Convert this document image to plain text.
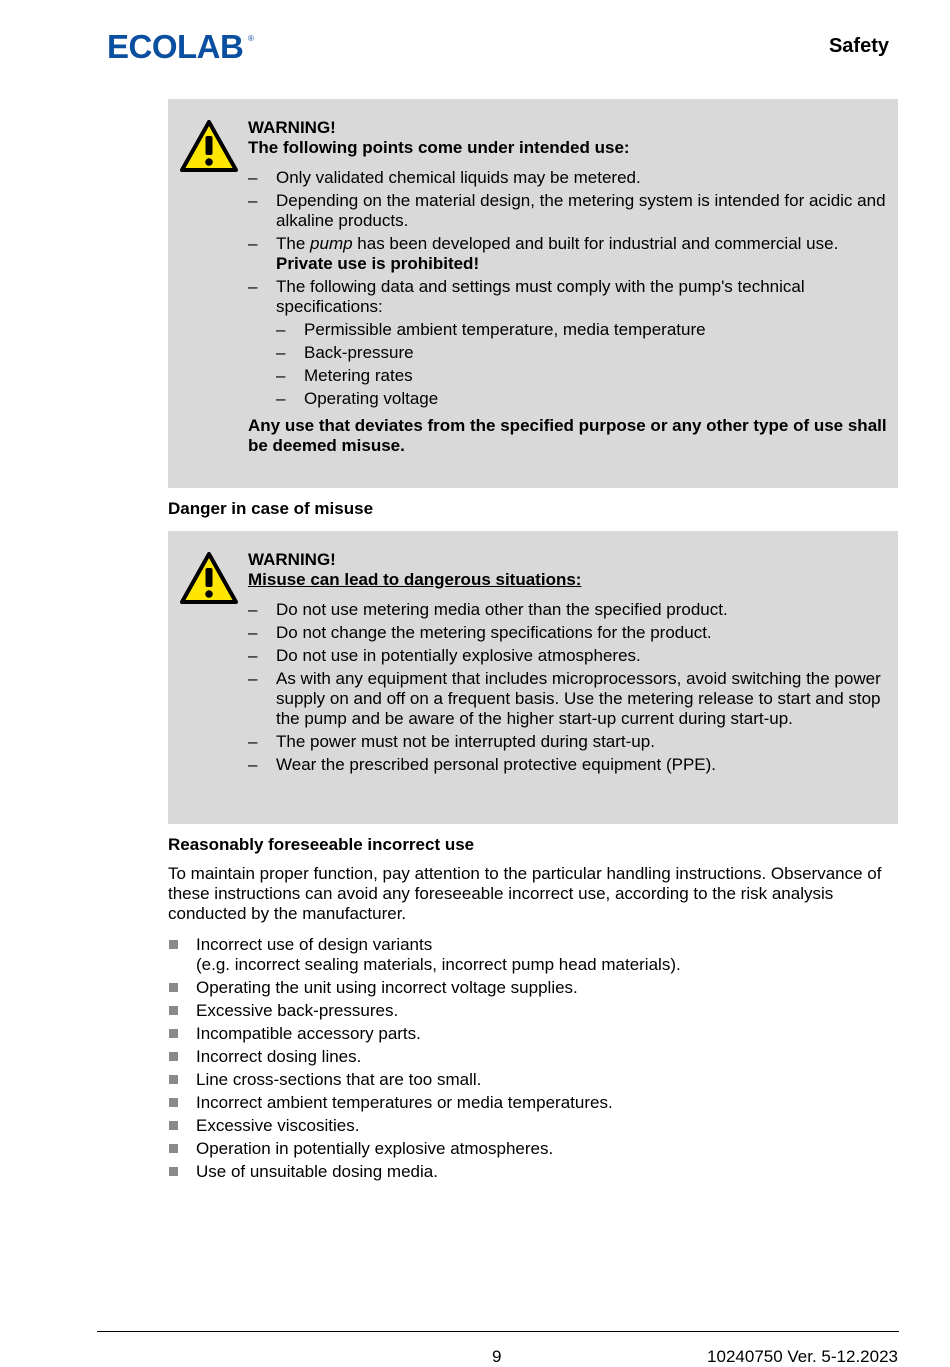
ECOLAB ®	Safety

WARNING!

The following points come under intended use:

– Only validated chemical liquids may be metered.
– Depending on the material design, the metering system is intended for acidic and alkaline products.
– The pump has been developed and built for industrial and commercial use.
Private use is prohibited!
– The following data and settings must comply with the pump's technical specifications:
– Permissible ambient temperature, media temperature
– Back-pressure
– Metering rates
– Operating voltage

Any use that deviates from the specified purpose or any other type of use shall be deemed misuse.

Danger in case of misuse

WARNING!

Misuse can lead to dangerous situations:

– Do not use metering media other than the specified product.
– Do not change the metering specifications for the product.
– Do not use in potentially explosive atmospheres.
– As with any equipment that includes microprocessors, avoid switching the power supply on and off on a frequent basis. Use the metering release to start and stop the pump and be aware of the higher start-up current during start-up.
– The power must not be interrupted during start-up.
– Wear the prescribed personal protective equipment (PPE).
Reasonably foreseeable incorrect use
To maintain proper function, pay attention to the particular handling instructions. Observance of these instructions can avoid any foreseeable incorrect use, according to the risk analysis conducted by the manufacturer.
Incorrect use of design variants
(e.g. incorrect sealing materials, incorrect pump head materials).
Operating the unit using incorrect voltage supplies.
Excessive back-pressures.
Incompatible accessory parts.
Incorrect dosing lines.
Line cross-sections that are too small.
Incorrect ambient temperatures or media temperatures.
Excessive viscosities.
Operation in potentially explosive atmospheres.
Use of unsuitable dosing media.
9	10240750 Ver. 5-12.2023
